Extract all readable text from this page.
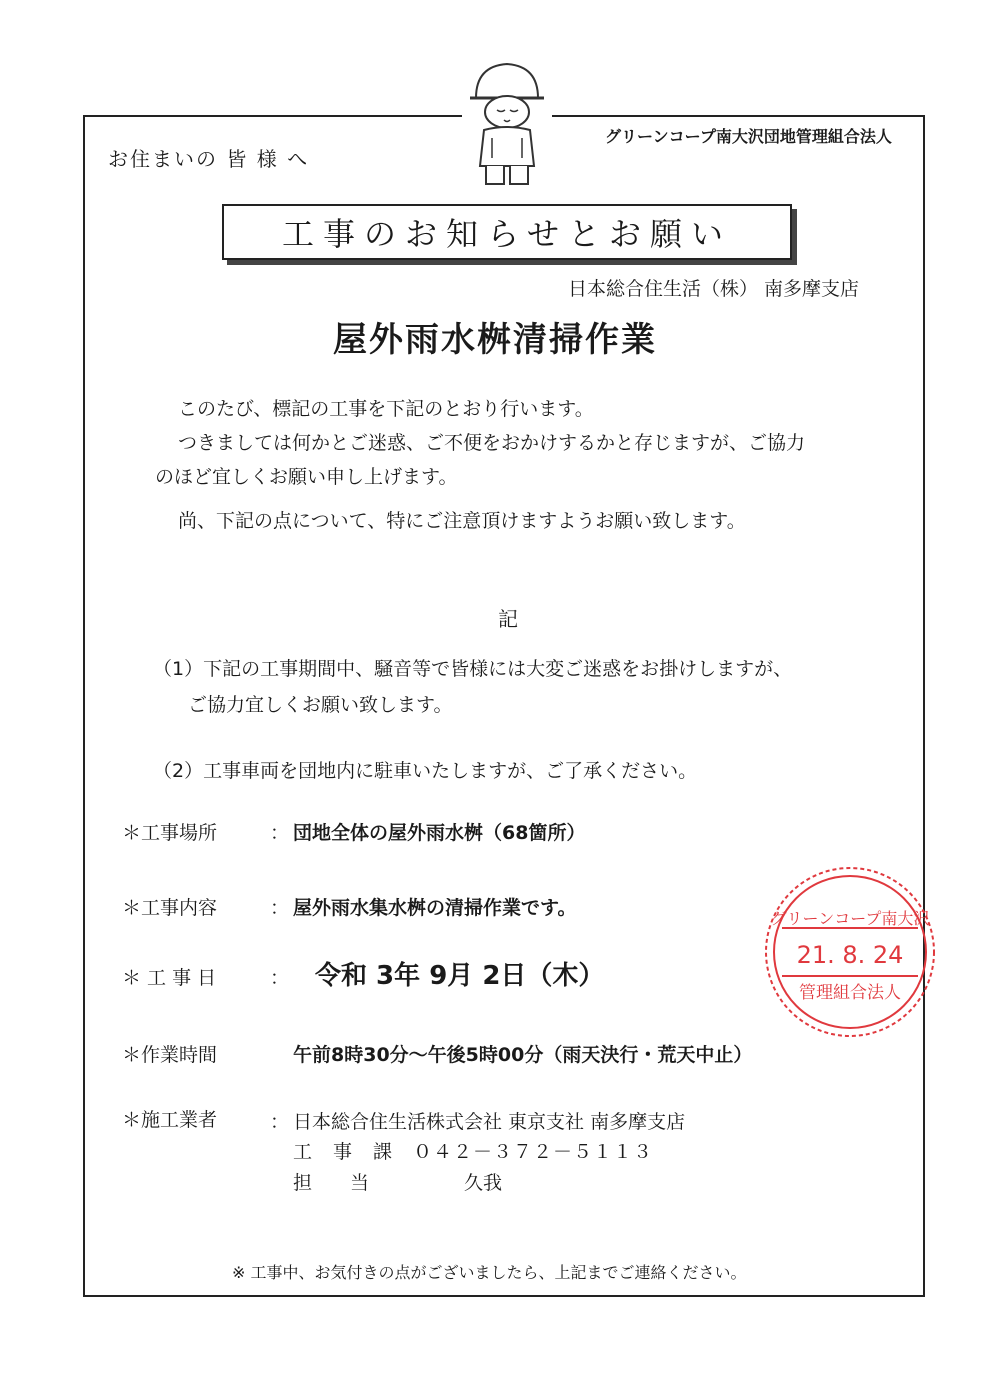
お住まいの 皆 様 へ
グリーンコープ南大沢団地管理組合法人
工事のお知らせとお願い
日本総合住生活（株） 南多摩支店
屋外雨水桝清掃作業
このたび、標記の工事を下記のとおり行います。
つきましては何かとご迷惑、ご不便をおかけするかと存じますが、ご協力
のほど宜しくお願い申し上げます。
尚、下記の点について、特にご注意頂けますようお願い致します。
記
（1）下記の工事期間中、騒音等で皆様には大変ご迷惑をお掛けしますが、
ご協力宜しくお願い致します。
（2）工事車両を団地内に駐車いたしますが、ご了承ください。
＊工事場所	： 団地全体の屋外雨水桝（68箇所）
＊工事内容	： 屋外雨水集水桝の清掃作業です。
＊ 工 事 日	： 令和 3年 9月 2日（木）
＊作業時間	午前8時30分～午後5時00分（雨天決行・荒天中止）
＊施工業者	： 日本総合住生活株式会社 東京支社 南多摩支店
工　事　課　０４２－３７２－５１１３
担　　当　　　　　久我
※ 工事中、お気付きの点がございましたら、上記までご連絡ください。
グリーンコープ南大沢
21. 8. 24
管理組合法人
